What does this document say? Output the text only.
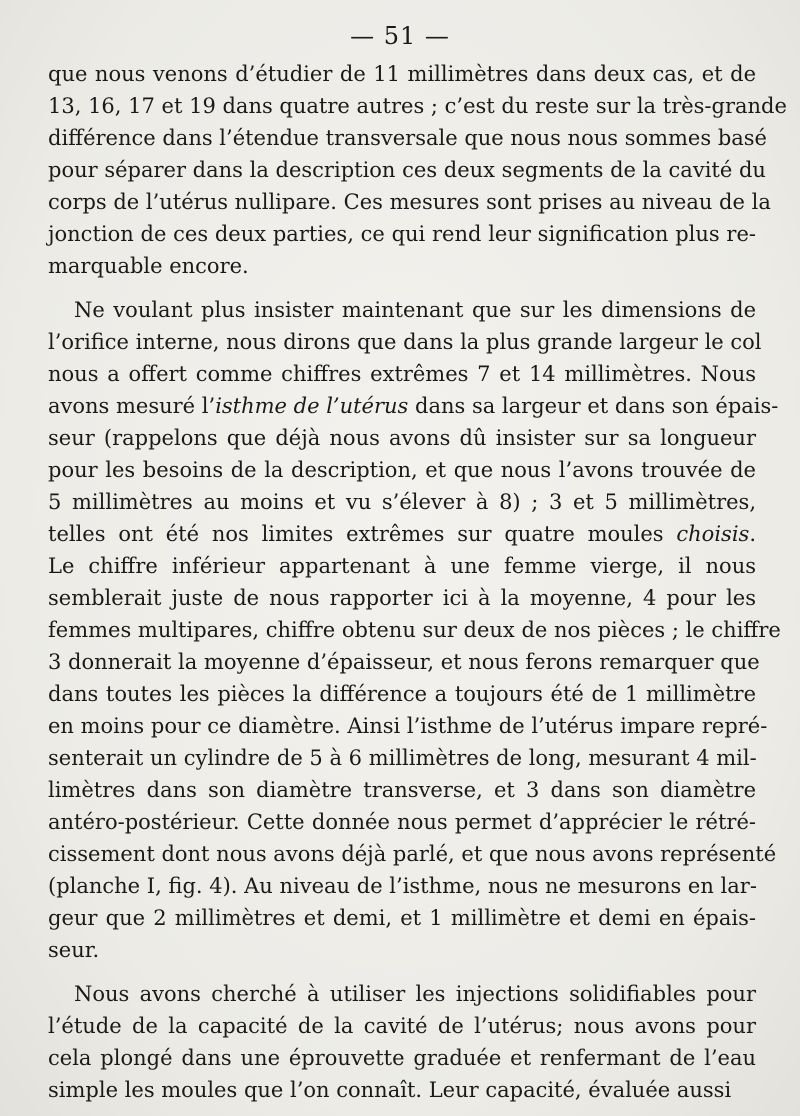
— 51 —
que nous venons d’étudier de 11 millimètres dans deux cas, et de
13, 16, 17 et 19 dans quatre autres ; c’est du reste sur la très-grande
différence dans l’étendue transversale que nous nous sommes basé
pour séparer dans la description ces deux segments de la cavité du
corps de l’utérus nullipare. Ces mesures sont prises au niveau de la
jonction de ces deux parties, ce qui rend leur signification plus re-
marquable encore.
Ne voulant plus insister maintenant que sur les dimensions de
l’orifice interne, nous dirons que dans la plus grande largeur le col
nous a offert comme chiffres extrêmes 7 et 14 millimètres. Nous
avons mesuré l’isthme de l’utérus dans sa largeur et dans son épais-
seur (rappelons que déjà nous avons dû insister sur sa longueur
pour les besoins de la description, et que nous l’avons trouvée de
5 millimètres au moins et vu s’élever à 8) ; 3 et 5 millimètres,
telles ont été nos limites extrêmes sur quatre moules choisis.
Le chiffre inférieur appartenant à une femme vierge, il nous
semblerait juste de nous rapporter ici à la moyenne, 4 pour les
femmes multipares, chiffre obtenu sur deux de nos pièces ; le chiffre
3 donnerait la moyenne d’épaisseur, et nous ferons remarquer que
dans toutes les pièces la différence a toujours été de 1 millimètre
en moins pour ce diamètre. Ainsi l’isthme de l’utérus impare repré-
senterait un cylindre de 5 à 6 millimètres de long, mesurant 4 mil-
limètres dans son diamètre transverse, et 3 dans son diamètre
antéro-postérieur. Cette donnée nous permet d’apprécier le rétré-
cissement dont nous avons déjà parlé, et que nous avons représenté
(planche I, fig. 4). Au niveau de l’isthme, nous ne mesurons en lar-
geur que 2 millimètres et demi, et 1 millimètre et demi en épais-
seur.
Nous avons cherché à utiliser les injections solidifiables pour
l’étude de la capacité de la cavité de l’utérus; nous avons pour
cela plongé dans une éprouvette graduée et renfermant de l’eau
simple les moules que l’on connaît. Leur capacité, évaluée aussi
